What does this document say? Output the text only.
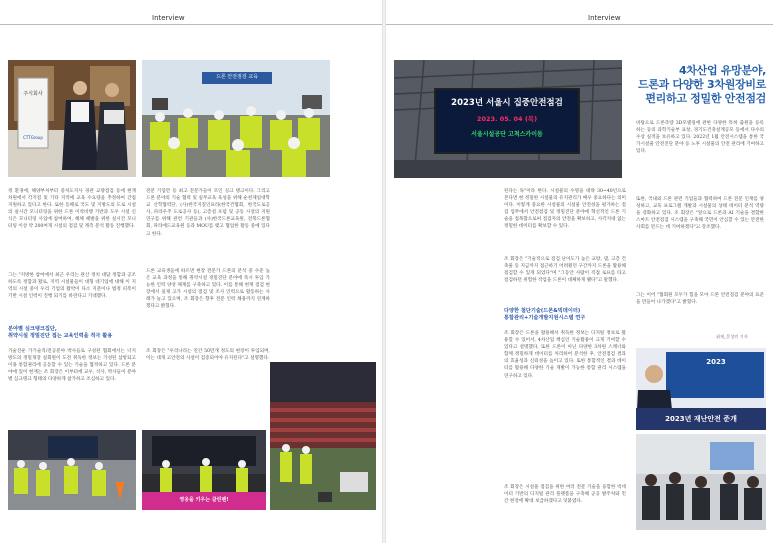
Interview
주식회사
CTTGroup
드론 안전점검 교육
정 환경에, 해양부처부터 중처도지사 경관 교량점검 등에 현재 차원에서 각지점 및 기타 지역에 교육 수요량을 추정하여 간접 지원하고 있다고 한다. 또한 동해로 국도 및 지방도의 도로 시설의 실시간 모니터링을 위한 드론 이착비행 기반과 도우 시설 신식은 모니터링 사업에 참여하여, 해체 때발을 위한 실시간 모니터링 이상 약 200여개 시설의 점검 및 계측 분석 활동 진행했다.
그는 "지방한 참여에서 최근 우리는 관산 정치 대담 정합과 공조하도록 정합과 활로, 지역 시설물들이 대형 대기업에 대해 이 지역의 시설 중이 우리 기업의 활약이 다소 지분이나 법정 피폭이 기반 시설 인력이 진행 되기를 바란다고 기대했다.
분야별 심크탱크집단,
취약시설 정밀진단 접는 교육인력을 적극 활용
기술진운 가기술직/전공분야 박사들로 구성된 협회에서는 너지방도의 정밀개장 실회원이 도전 취득한 정보는 가성된 삼항되고 이용 통합권리에 공동할 수 있는 기술을 협적하고 있다. 드론 분야에 있어 현재는 조 회장은 이부터에 교우, 석사, 박사들이 분야별 심크탱크 형태의 다양하게 참가하고 조심하고 있다.
전문 기업만 등 최고 전문가들이 모인 싱크 탱크이다. 그리고 드론 분야의 기술 협력 및 실무교육 육성을 위해 순천제일대학교 산학협력단, (사)한국지질인프라(한국건협회, 한국도로공사, 파라우주 도로공사 등), 고층설 포럼 및 공동 시설의 지원 연구를 위해 관련 기관들과 (사)한국드론교육원, 전북드론협회, 파라에드교육원 등과 MOU를 맺고 협업한 활동 중에 있다고 한다.
드론 교육생들에 따르면 현장 전문가 드론의 분석 중 수준 높은 교육 과정을 통해 취약시설 정밀진단 분야에 즉시 투입 가능한 인력 양성 체계를 구축하고 있다. 이를 통해 현재 점검 현장에서 실제 고가 시설의 점검 및 조사 인력으로 활동하는 사례가 늘고 있으며, 조 회장은 향후 전문 인력 채용까지 연계하겠다고 밝혔다.
조 회장은 "우리나라는 연간 50만개 정도의 현장이 투입되며, 이는 대개 고안전의 사설이 검증되어야 유지된다"고 설명했다.
영웅을 키우는 클린팬!
Interview
2023년 서울시 집중안전점검
2023. 05. 04 (목)
서울시설공단 고척스카이돔
4차산업 유망분야,
드론과 다양한 3차원장비로
편리하고 정밀한 안전점검
된다는 독"이라 한다. 시설물의 수명을 대략 30~40년으로 본다면 현 정밀한 시설물의 유지관리가 매우 중요하다는 의미이다. 이렇게 중요한 시설물의 시설물 안전성을 평가하는 점검 업무에서 안전점검 및 정밀진단 분야에 혁신적인 드론 기술을 접목함으로써 점검자의 안전을 확보하고, 사각지대 없는 정밀한 데이터를 확보할 수 있다.
조 회장은 "기술적으로 점검 난이도가 높은 교량, 댐, 고층 건축물 등 지금까지 접근하기 어려웠던 구간까지 드론을 활용해 점검할 수 있게 되었다"며 "그동안 사람이 직접 로프를 타고 점검하던 위험한 작업을 드론이 대체하게 됐다"고 말했다.
다양한 첨단기술(드론&빅데이터)
통합관리+기술개발지원시스템 연구
조 회장은 드론을 활용해서 취득한 정보는 디지털 정보로 활용할 수 있어서, 4차산업 핵심인 기술활용이 크게 기여할 수 있다고 설명했다. 또한 드론이 아닌 다양한 3차원 스캐너와 함께 정밀하게 데이터를 처리하여 분석한 후, 안전점검 결과의 효율성과 신뢰성을 높이고 있다. 또한 통합적인 결과 데이터를 활용해 다양한 기술 개발이 가능한 통합 관리 시스템을 연구하고 있다.
조 회장은 시설물 점검을 위한 여러 전문 기술을 융합한 빅데이터 기반의 디지털 관리 플랫폼을 구축해 공공 발주처와 민간 현장에 확대 보급하겠다고 덧붙였다.
바탕으로 드론측량 3D모델링에 관한 다양한 특허 출원을 등록 하는 등의 과학기술부 표창, 경기도건축설계공모 등에서 다수의 수상 실적을 보유하고 있다. 2022년 1월 안전시스템을 통한 국가시설물 안전진단 분야 등 노후 시설물의 안전 관리에 기여하고 있다.
또한, 국내외 드론 관련 기업들과 협력하여 드론 전문 인재를 양성하고, 교육 프로그램 개발과 시설물의 상태 데이터 분석 역량을 강화하고 있다. 조 회장은 "앞으로 드론과 AI 기술을 결합한 스마트 안전점검 시스템을 구축해 국민이 안심할 수 있는 안전한 사회를 만드는 데 기여하겠다"고 강조했다.
그는 이어 "협회원 모두가 힘을 모아 드론 안전점검 분야의 표준을 만들어 나가겠다"고 밝혔다.
취재_문성민 기자
2023
2023년 재난안전 준개
